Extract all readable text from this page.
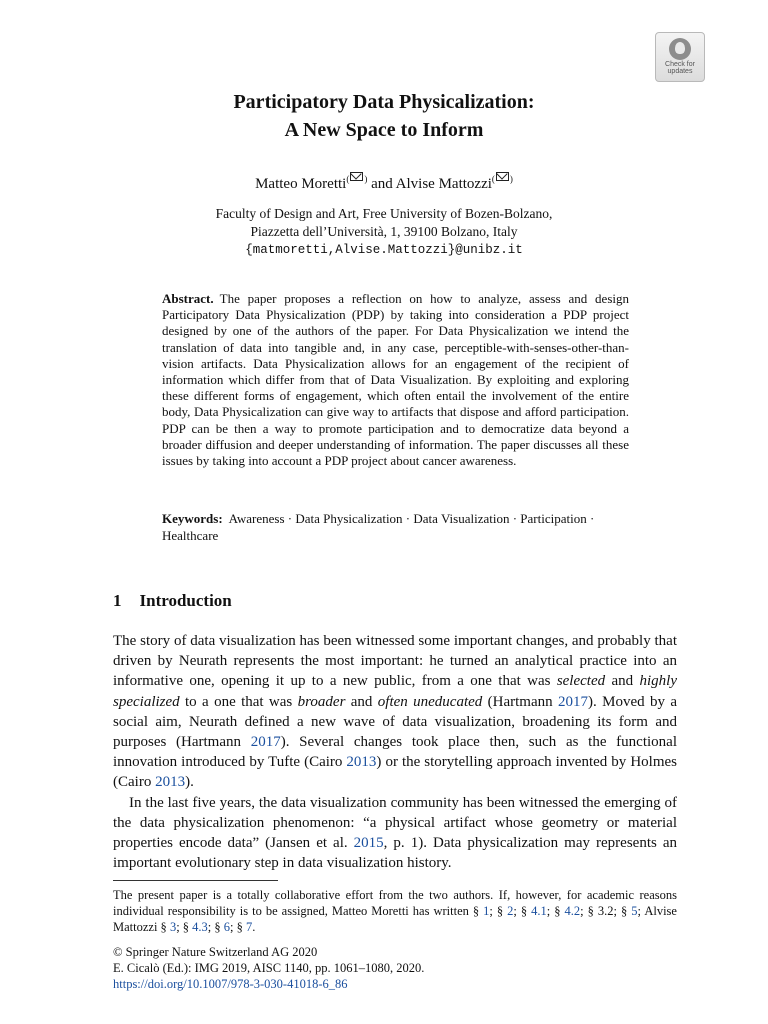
Check for
updates
Participatory Data Physicalization:
A New Space to Inform
Matteo Moretti( ) and Alvise Mattozzi( )
Faculty of Design and Art, Free University of Bozen-Bolzano,
Piazzetta dell’Università, 1, 39100 Bolzano, Italy
{matmoretti,Alvise.Mattozzi}@unibz.it
Abstract. The paper proposes a reflection on how to analyze, assess and design Participatory Data Physicalization (PDP) by taking into consideration a PDP project designed by one of the authors of the paper. For Data Physicalization we intend the translation of data into tangible and, in any case, perceptible-with-senses-other-than-vision artifacts. Data Physicalization allows for an engagement of the recipient of information which differ from that of Data Visualization. By exploiting and exploring these different forms of engagement, which often entail the involvement of the entire body, Data Physicalization can give way to artifacts that dispose and afford participation. PDP can be then a way to promote participation and to democratize data beyond a broader diffusion and deeper understanding of information. The paper discusses all these issues by taking into account a PDP project about cancer awareness.
Keywords: Awareness · Data Physicalization · Data Visualization · Participation · Healthcare
1 Introduction

The story of data visualization has been witnessed some important changes, and probably that driven by Neurath represents the most important: he turned an analytical practice into an informative one, opening it up to a new public, from a one that was selected and highly specialized to a one that was broader and often uneducated (Hartmann 2017). Moved by a social aim, Neurath defined a new wave of data visualization, broadening its form and purposes (Hartmann 2017). Several changes took place then, such as the functional innovation introduced by Tufte (Cairo 2013) or the storytelling approach invented by Holmes (Cairo 2013).

In the last five years, the data visualization community has been witnessed the emerging of the data physicalization phenomenon: “a physical artifact whose geometry or material properties encode data” (Jansen et al. 2015, p. 1). Data physicalization may represents an important evolutionary step in data visualization history.

The present paper is a totally collaborative effort from the two authors. If, however, for academic reasons individual responsibility is to be assigned, Matteo Moretti has written § 1; § 2; § 4.1; § 4.2; § 3.2; § 5; Alvise Mattozzi § 3; § 4.3; § 6; § 7.
© Springer Nature Switzerland AG 2020
E. Cicalò (Ed.): IMG 2019, AISC 1140, pp. 1061–1080, 2020.
https://doi.org/10.1007/978-3-030-41018-6_86
